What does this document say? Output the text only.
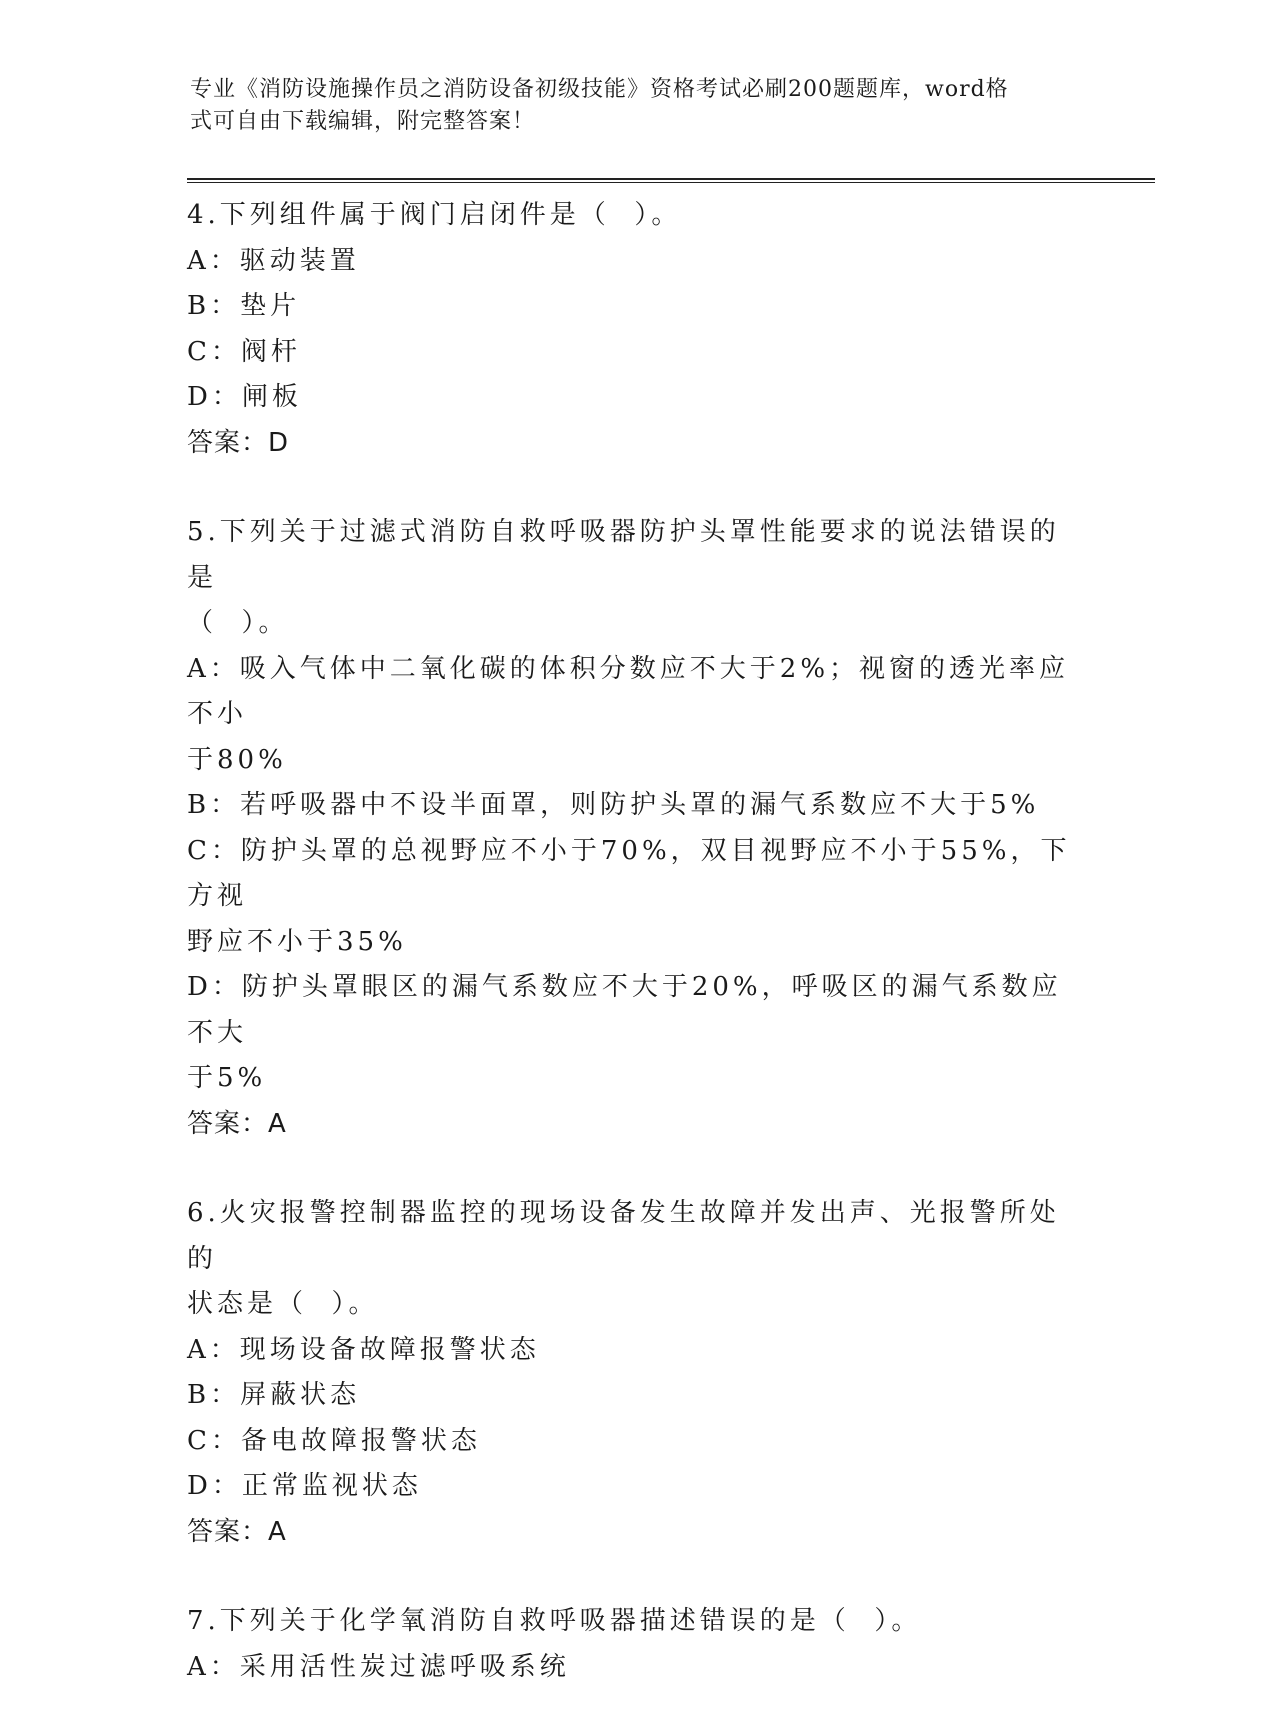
专业《消防设施操作员之消防设备初级技能》资格考试必刷200题题库，word格
式可自由下载编辑，附完整答案！
4.下列组件属于阀门启闭件是（  ）。
A：驱动装置
B：垫片
C：阀杆
D：闸板
答案：D
5.下列关于过滤式消防自救呼吸器防护头罩性能要求的说法错误的是
（  ）。
A：吸入气体中二氧化碳的体积分数应不大于2%；视窗的透光率应不小
于80%
B：若呼吸器中不设半面罩，则防护头罩的漏气系数应不大于5%
C：防护头罩的总视野应不小于70%，双目视野应不小于55%，下方视
野应不小于35%
D：防护头罩眼区的漏气系数应不大于20%，呼吸区的漏气系数应不大
于5%
答案：A
6.火灾报警控制器监控的现场设备发生故障并发出声、光报警所处的
状态是（  ）。
A：现场设备故障报警状态
B：屏蔽状态
C：备电故障报警状态
D：正常监视状态
答案：A
7.下列关于化学氧消防自救呼吸器描述错误的是（  ）。
A：采用活性炭过滤呼吸系统
